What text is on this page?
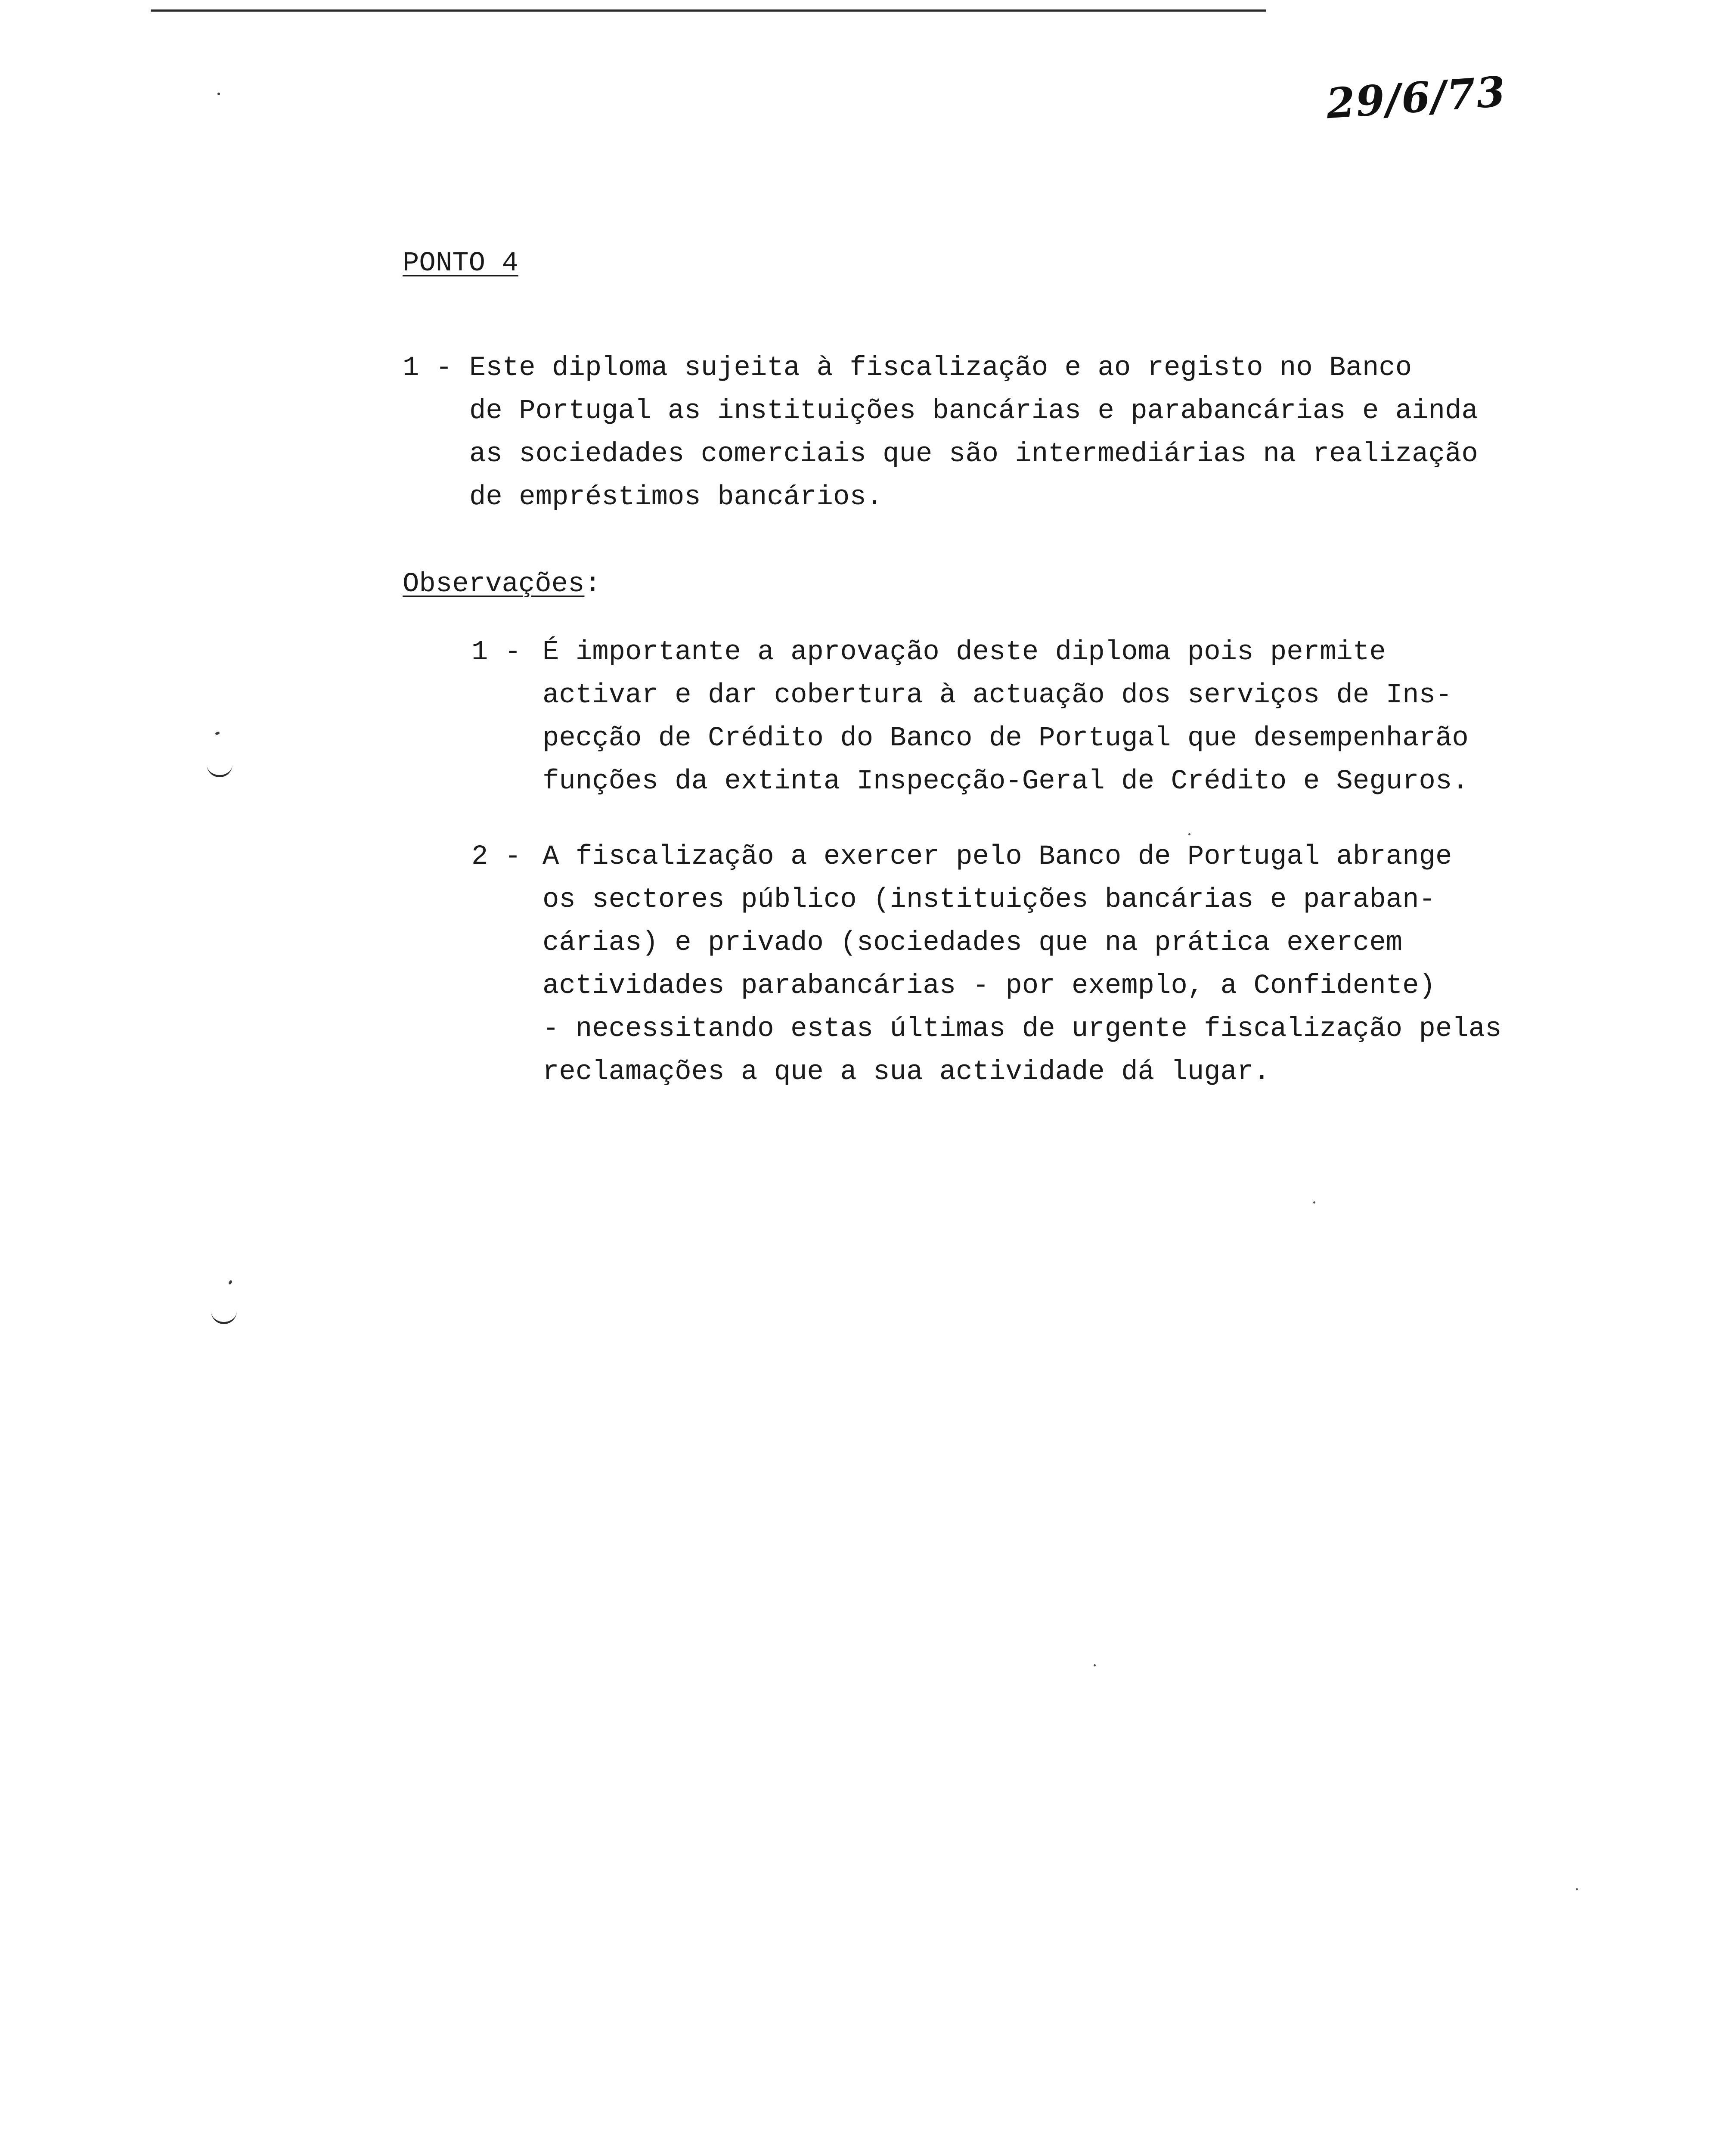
29/6/73
PONTO 4
1 - Este diploma sujeita à fiscalização e ao registo no Banco
de Portugal as instituições bancárias e parabancárias e ainda
as sociedades comerciais que são intermediárias na realização
de empréstimos bancários.
Observações:
1 - É importante a aprovação deste diploma pois permite
activar e dar cobertura à actuação dos serviços de Ins-
pecção de Crédito do Banco de Portugal que desempenharão
funções da extinta Inspecção-Geral de Crédito e Seguros.
2 - A fiscalização a exercer pelo Banco de Portugal abrange
os sectores público (instituições bancárias e paraban-
cárias) e privado (sociedades que na prática exercem
actividades parabancárias - por exemplo, a Confidente)
- necessitando estas últimas de urgente fiscalização pelas
reclamações a que a sua actividade dá lugar.
